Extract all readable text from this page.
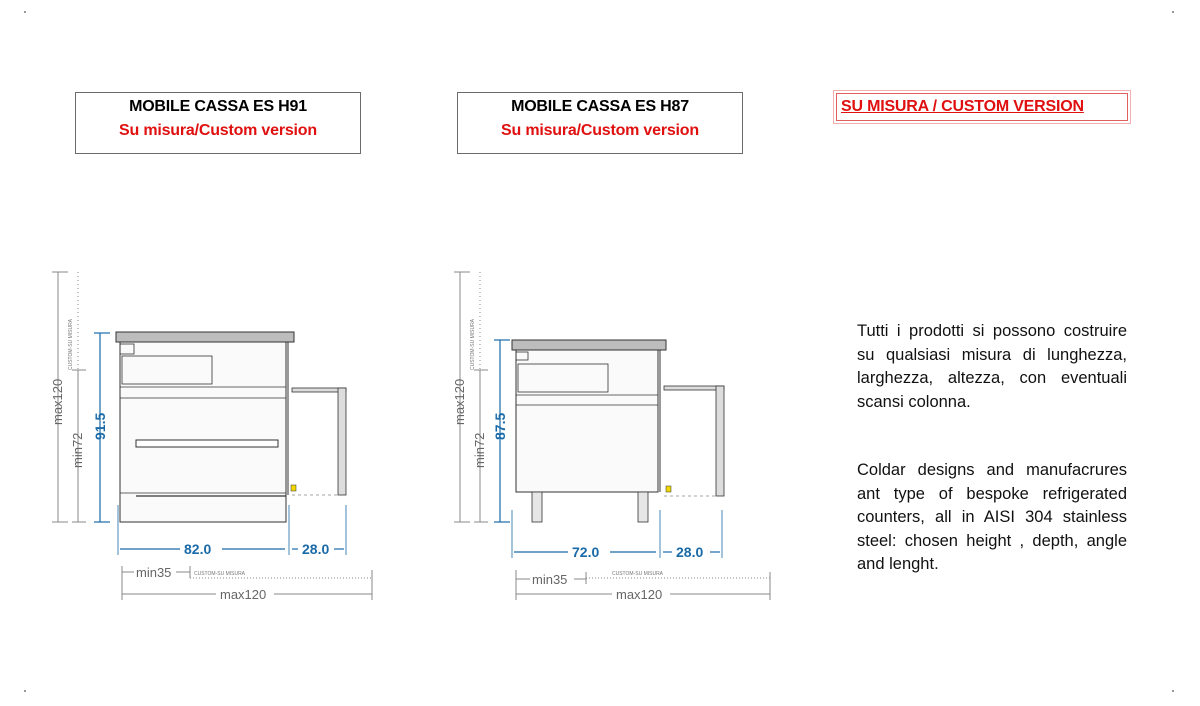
MOBILE CASSA ES H91
Su misura/Custom version
MOBILE CASSA ES H87
Su misura/Custom version
SU MISURA / CUSTOM VERSION

Tutti i prodotti si possono costruire su qualsiasi misura di lunghezza, larghezza, altezza, con eventuali scansi colonna.

Coldar designs and manufacrures ant type of bespoke refrigerated counters, all in AISI 304 stainless steel: chosen height , depth, angle and lenght.

max120
min72
CUSTOM-SU MISURA
91.5
82.0	28.0
min35	CUSTOM-SU MISURA
max120
max120
min72
CUSTOM-SU MISURA
87.5
72.0	28.0
min35	CUSTOM-SU MISURA
max120
